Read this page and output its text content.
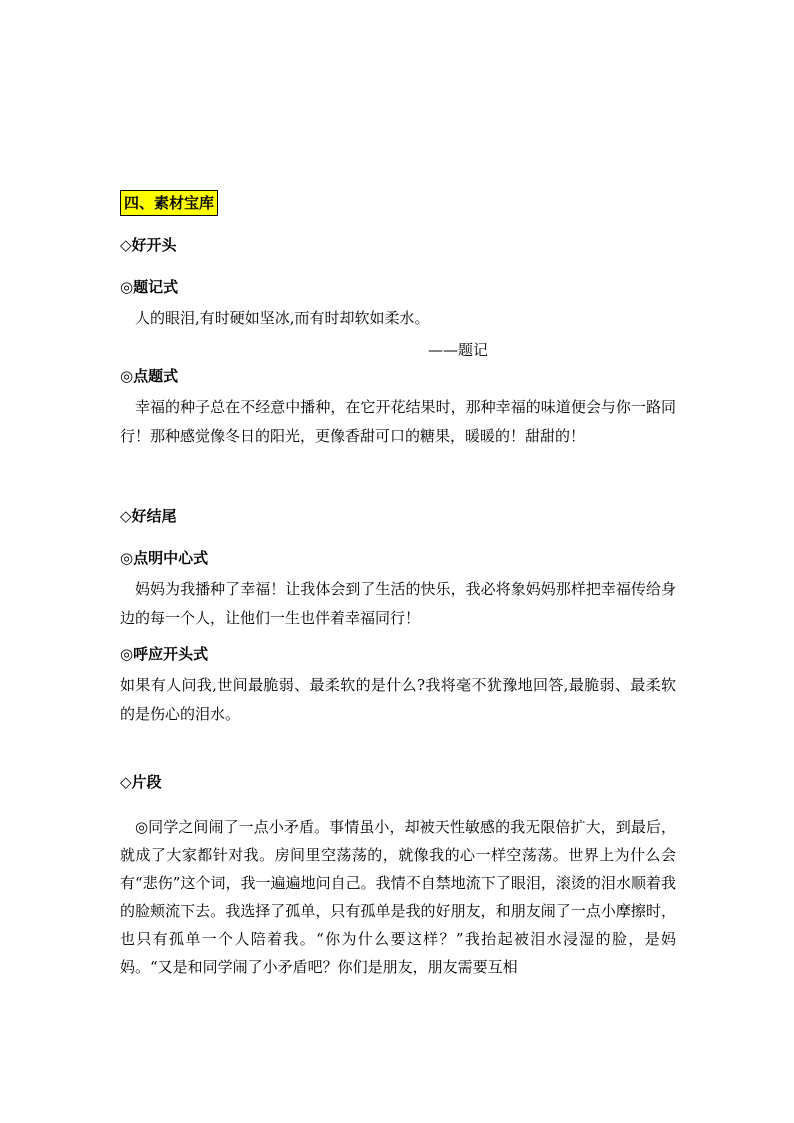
四、素材宝库
◇好开头
◎题记式

人的眼泪,有时硬如坚冰,而有时却软如柔水。

——题记
◎点题式

幸福的种子总在不经意中播种，在它开花结果时，那种幸福的味道便会与你一路同行！那种感觉像冬日的阳光，更像香甜可口的糖果，暖暖的！甜甜的！

◇好结尾
◎点明中心式

妈妈为我播种了幸福！让我体会到了生活的快乐，我必将象妈妈那样把幸福传给身边的每一个人，让他们一生也伴着幸福同行！

◎呼应开头式

如果有人问我,世间最脆弱、最柔软的是什么?我将毫不犹豫地回答,最脆弱、最柔软的是伤心的泪水。

◇片段

◎同学之间闹了一点小矛盾。事情虽小，却被天性敏感的我无限倍扩大，到最后，就成了大家都针对我。房间里空荡荡的，就像我的心一样空荡荡。世界上为什么会有“悲伤”这个词，我一遍遍地问自己。我情不自禁地流下了眼泪，滚烫的泪水顺着我的脸颊流下去。我选择了孤单，只有孤单是我的好朋友，和朋友闹了一点小摩擦时，也只有孤单一个人陪着我。“你为什么要这样？”我抬起被泪水浸湿的脸，是妈妈。“又是和同学闹了小矛盾吧？你们是朋友，朋友需要互相
